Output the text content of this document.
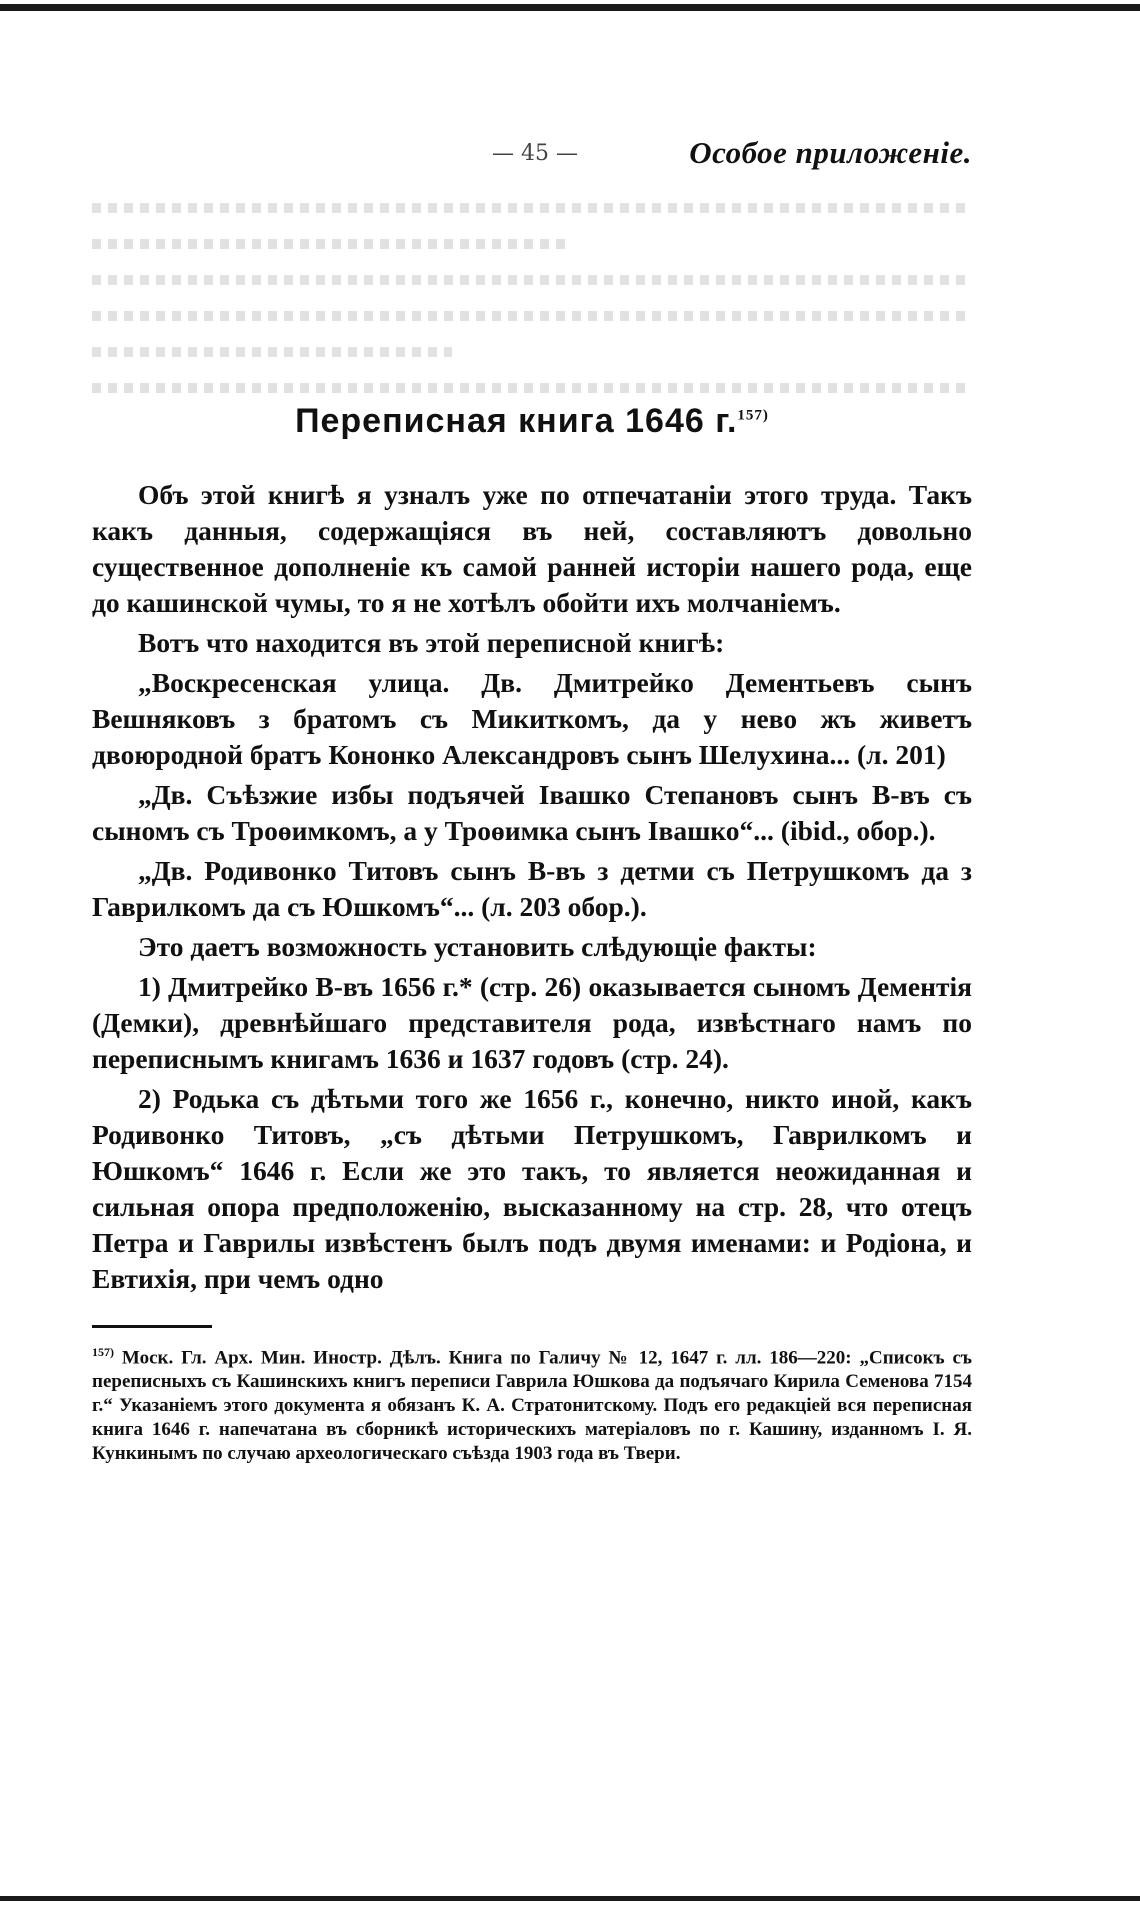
— 45 —	Особое приложенiе.
Переписная книга 1646 г.$^{157)}$

Объ этой книгѣ я узналъ уже по отпечатанiи этого труда. Такъ какъ данныя, содержащiяся въ ней, составляютъ довольно существенное дополненiе къ самой ранней исторiи нашего рода, еще до кашинской чумы, то я не хотѣлъ обойти ихъ молчанiемъ.

Вотъ что находится въ этой переписной книгѣ:

„Воскресенская улица. Дв. Дмитрейко Дементьевъ сынъ Вешняковъ з братомъ съ Микиткомъ, да у нево жъ живетъ двоюродной братъ Кононко Александровъ сынъ Шелухина... (л. 201)

„Дв. Съѣзжие избы подъячей Iвашко Степановъ сынъ В-въ съ сыномъ съ Троөимкомъ, а у Троөимка сынъ Iвашко“... (ibid., обор.).

„Дв. Родивонко Титовъ сынъ В-въ з детми съ Петрушкомъ да з Гаврилкомъ да съ Юшкомъ“... (л. 203 обор.).

Это даетъ возможность установить слѣдующiе факты:

1) Дмитрейко В-въ 1656 г.* (стр. 26) оказывается сыномъ Дементiя (Демки), древнѣйшаго представителя рода, извѣстнаго намъ по переписнымъ книгамъ 1636 и 1637 годовъ (стр. 24).

2) Родька съ дѣтьми того же 1656 г., конечно, никто иной, какъ Родивонко Титовъ, „съ дѣтьми Петрушкомъ, Гаврилкомъ и Юшкомъ“ 1646 г. Если же это такъ, то является неожиданная и сильная опора предположенiю, высказанному на стр. 28, что отецъ Петра и Гаврилы извѣстенъ былъ подъ двумя именами: и Родiона, и Евтихiя, при чемъ одно

$^{157)}$ Моск. Гл. Арх. Мин. Иностр. Дѣлъ. Книга по Галичу № 12, 1647 г. лл. 186—220: „Списокъ съ переписныхъ съ Кашинскихъ книгъ переписи Гаврила Юшкова да подъячаго Кирила Семенова 7154 г.“ Указанiемъ этого документа я обязанъ К. А. Стратонитскому. Подъ его редакцiей вся переписная книга 1646 г. напечатана въ сборникѣ историческихъ матерiаловъ по г. Кашину, изданномъ I. Я. Кункинымъ по случаю археологическаго съѣзда 1903 года въ Твери.
